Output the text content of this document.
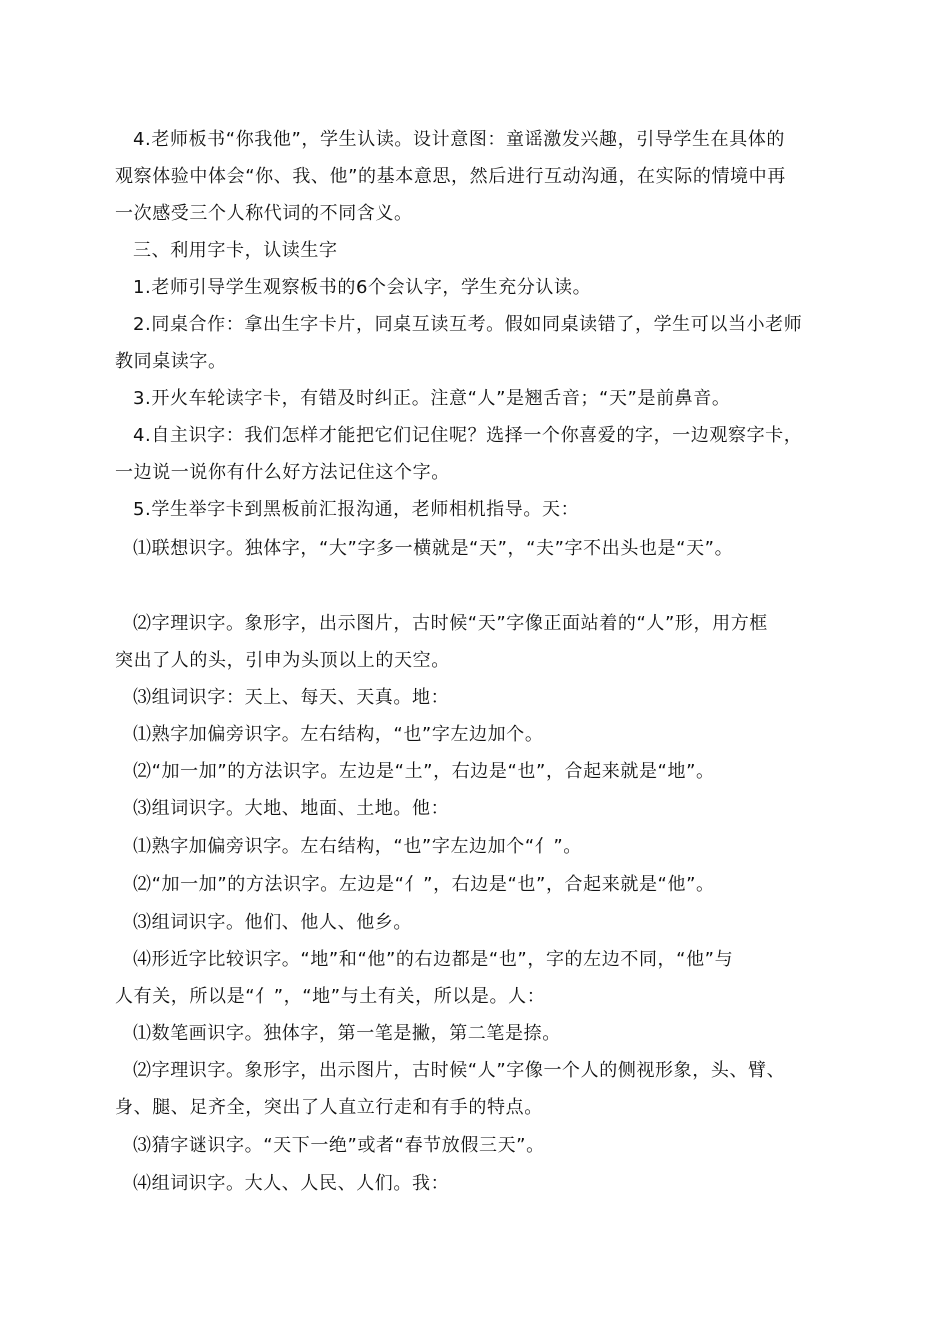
4.老师板书“你我他”，学生认读。设计意图：童谣激发兴趣，引导学生在具体的
观察体验中体会“你、我、他”的基本意思，然后进行互动沟通，在实际的情境中再
一次感受三个人称代词的不同含义。
三、利用字卡，认读生字
1.老师引导学生观察板书的6个会认字，学生充分认读。
2.同桌合作：拿出生字卡片，同桌互读互考。假如同桌读错了，学生可以当小老师
教同桌读字。
3.开火车轮读字卡，有错及时纠正。注意“人”是翘舌音；“天”是前鼻音。
4.自主识字：我们怎样才能把它们记住呢？选择一个你喜爱的字，一边观察字卡，
一边说一说你有什么好方法记住这个字。
5.学生举字卡到黑板前汇报沟通，老师相机指导。天：
⑴联想识字。独体字，“大”字多一横就是“天”，“夫”字不出头也是“天”。
⑵字理识字。象形字，出示图片，古时候“天”字像正面站着的“人”形，用方框
突出了人的头，引申为头顶以上的天空。
⑶组词识字：天上、每天、天真。地：
⑴熟字加偏旁识字。左右结构，“也”字左边加个。
⑵“加一加”的方法识字。左边是“土”，右边是“也”，合起来就是“地”。
⑶组词识字。大地、地面、土地。他：
⑴熟字加偏旁识字。左右结构，“也”字左边加个“亻”。
⑵“加一加”的方法识字。左边是“亻”，右边是“也”，合起来就是“他”。
⑶组词识字。他们、他人、他乡。
⑷形近字比较识字。“地”和“他”的右边都是“也”，字的左边不同，“他”与
人有关，所以是“亻”，“地”与土有关，所以是。人：
⑴数笔画识字。独体字，第一笔是撇，第二笔是捺。
⑵字理识字。象形字，出示图片，古时候“人”字像一个人的侧视形象，头、臂、
身、腿、足齐全，突出了人直立行走和有手的特点。
⑶猜字谜识字。“天下一绝”或者“春节放假三天”。
⑷组词识字。大人、人民、人们。我：
